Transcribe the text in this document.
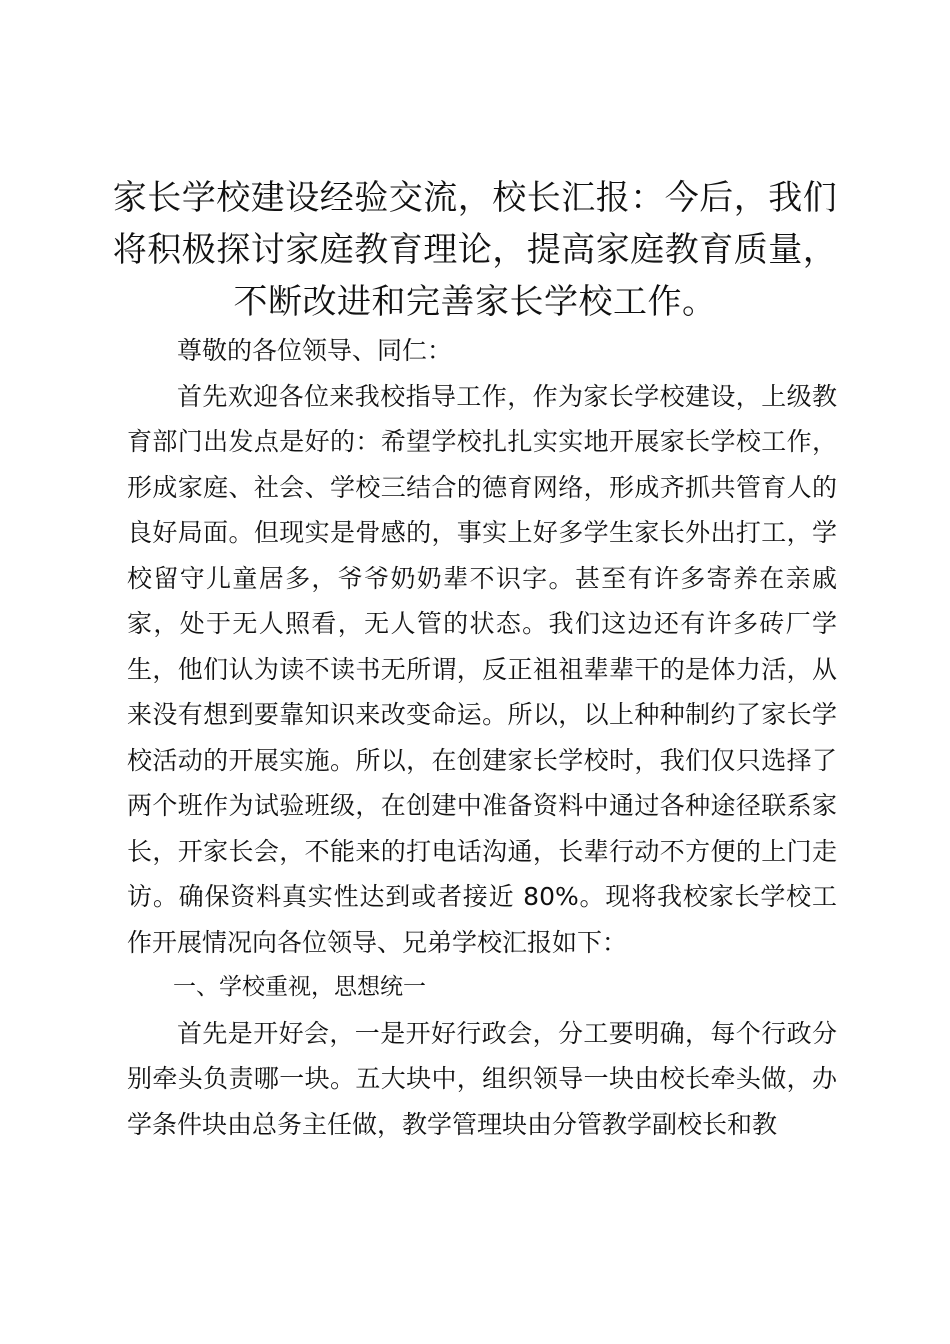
家长学校建设经验交流，校长汇报：今后，我们将积极探讨家庭教育理论，提高家庭教育质量，不断改进和完善家长学校工作。

尊敬的各位领导、同仁：

首先欢迎各位来我校指导工作，作为家长学校建设，上级教育部门出发点是好的：希望学校扎扎实实地开展家长学校工作，形成家庭、社会、学校三结合的德育网络，形成齐抓共管育人的良好局面。但现实是骨感的，事实上好多学生家长外出打工，学校留守儿童居多，爷爷奶奶辈不识字。甚至有许多寄养在亲戚家，处于无人照看，无人管的状态。我们这边还有许多砖厂学生，他们认为读不读书无所谓，反正祖祖辈辈干的是体力活，从来没有想到要靠知识来改变命运。所以，以上种种制约了家长学校活动的开展实施。所以，在创建家长学校时，我们仅只选择了两个班作为试验班级，在创建中准备资料中通过各种途径联系家长，开家长会，不能来的打电话沟通，长辈行动不方便的上门走访。确保资料真实性达到或者接近 80%。现将我校家长学校工作开展情况向各位领导、兄弟学校汇报如下：

一、学校重视，思想统一

首先是开好会，一是开好行政会，分工要明确，每个行政分别牵头负责哪一块。五大块中，组织领导一块由校长牵头做，办学条件块由总务主任做，教学管理块由分管教学副校长和教
